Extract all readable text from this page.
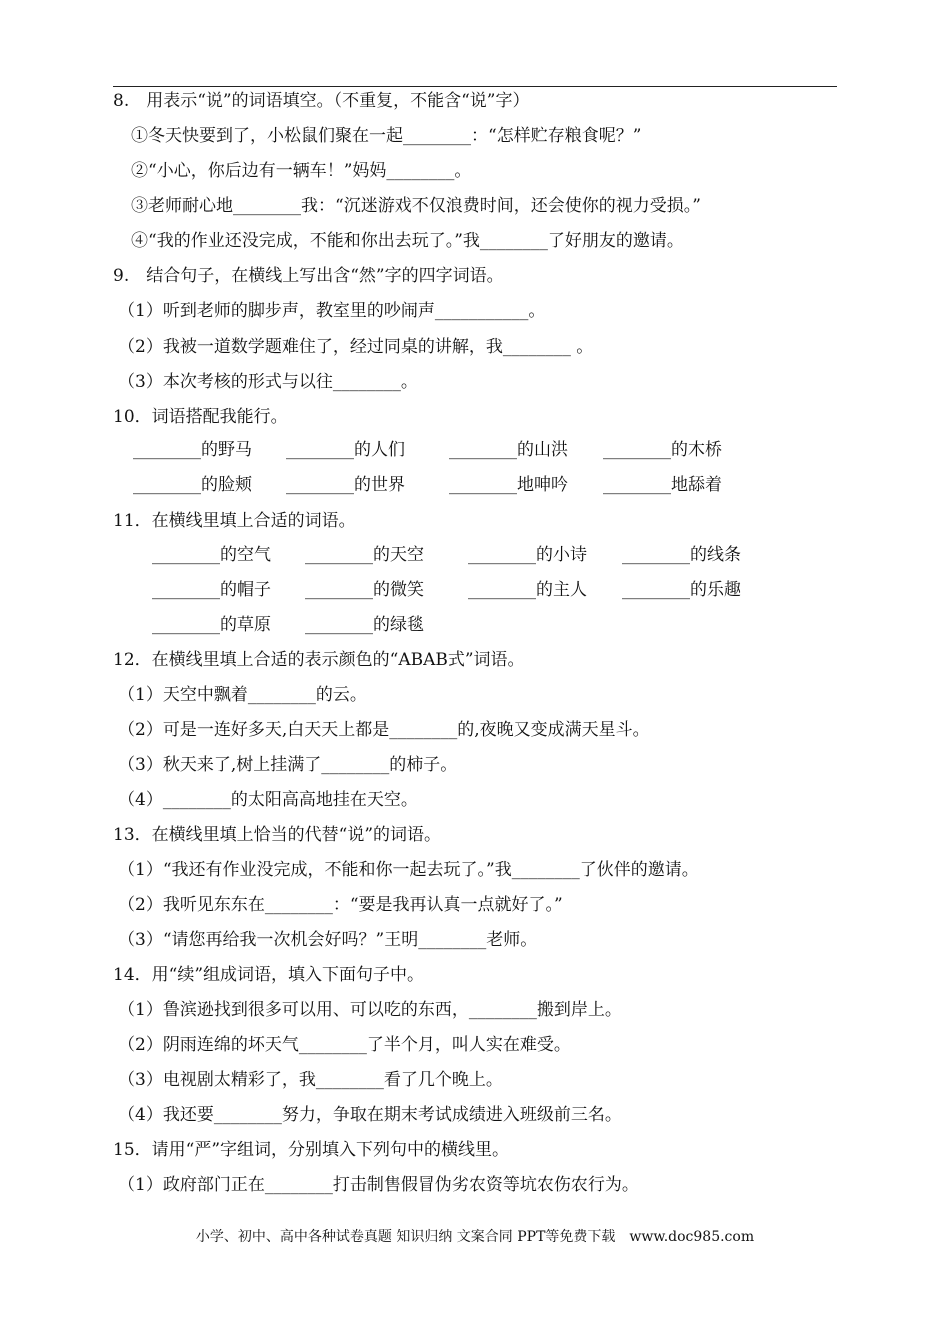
8.　用表示“说”的词语填空。（不重复，不能含“说”字）
①冬天快要到了，小松鼠们聚在一起________：“怎样贮存粮食呢？”
②“小心，你后边有一辆车！”妈妈________。
③老师耐心地________我：“沉迷游戏不仅浪费时间，还会使你的视力受损。”
④“我的作业还没完成，不能和你出去玩了。”我________了好朋友的邀请。
9.　结合句子，在横线上写出含“然”字的四字词语。
（1）听到老师的脚步声，教室里的吵闹声___________。
（2）我被一道数学题难住了，经过同桌的讲解，我________ 。
（3）本次考核的形式与以往________。
10．词语搭配我能行。
________的野马	________的人们	________的山洪	________的木桥
________的脸颊	________的世界	________地呻吟	________地舔着
11．在横线里填上合适的词语。
________的空气	________的天空	________的小诗	________的线条
________的帽子	________的微笑	________的主人	________的乐趣
________的草原	________的绿毯
12．在横线里填上合适的表示颜色的“ABAB式”词语。
（1）天空中飘着________的云。
（2）可是一连好多天,白天天上都是________的,夜晚又变成满天星斗。
（3）秋天来了,树上挂满了________的柿子。
（4）________的太阳高高地挂在天空。
13．在横线里填上恰当的代替“说”的词语。
（1）“我还有作业没完成，不能和你一起去玩了。”我________了伙伴的邀请。
（2）我听见东东在________：“要是我再认真一点就好了。”
（3）“请您再给我一次机会好吗？”王明________老师。
14．用“续”组成词语，填入下面句子中。
（1）鲁滨逊找到很多可以用、可以吃的东西，________搬到岸上。
（2）阴雨连绵的坏天气________了半个月，叫人实在难受。
（3）电视剧太精彩了，我________看了几个晚上。
（4）我还要________努力，争取在期末考试成绩进入班级前三名。
15．请用“严”字组词，分别填入下列句中的横线里。
（1）政府部门正在________打击制售假冒伪劣农资等坑农伤农行为。
小学、初中、高中各种试卷真题 知识归纳 文案合同 PPT等免费下载　www.doc985.com
